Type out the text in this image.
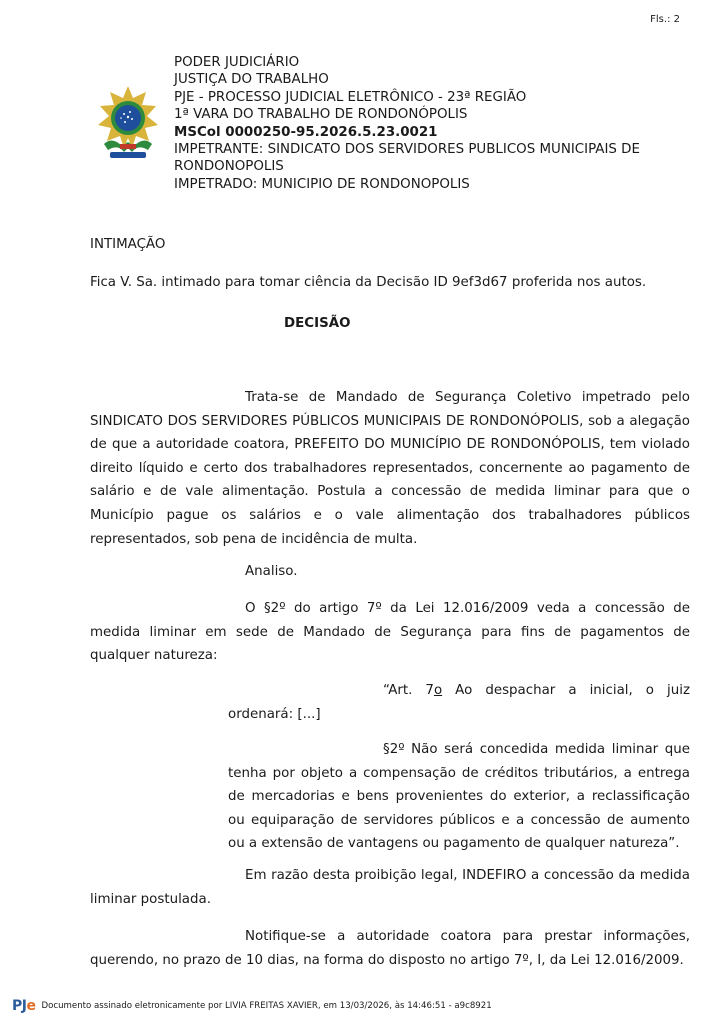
Fls.: 2
PODER JUDICIÁRIO
JUSTIÇA DO TRABALHO
PJE - PROCESSO JUDICIAL ELETRÔNICO - 23ª REGIÃO
1ª VARA DO TRABALHO DE RONDONÓPOLIS
MSCol 0000250-95.2026.5.23.0021
IMPETRANTE: SINDICATO DOS SERVIDORES PUBLICOS MUNICIPAIS DE RONDONOPOLIS
IMPETRADO: MUNICIPIO DE RONDONOPOLIS
INTIMAÇÃO
Fica V. Sa. intimado para tomar ciência da Decisão ID 9ef3d67 proferida nos autos.
DECISÃO
Trata-se de Mandado de Segurança Coletivo impetrado pelo SINDICATO DOS SERVIDORES PÚBLICOS MUNICIPAIS DE RONDONÓPOLIS, sob a alegação de que a autoridade coatora, PREFEITO DO MUNICÍPIO DE RONDONÓPOLIS, tem violado direito líquido e certo dos trabalhadores representados, concernente ao pagamento de salário e de vale alimentação. Postula a concessão de medida liminar para que o Município pague os salários e o vale alimentação dos trabalhadores públicos representados, sob pena de incidência de multa.
Analiso.
O §2º do artigo 7º da Lei 12.016/2009 veda a concessão de medida liminar em sede de Mandado de Segurança para fins de pagamentos de qualquer natureza:
“Art. 7o Ao despachar a inicial, o juiz ordenará: [...]
§2º Não será concedida medida liminar que tenha por objeto a compensação de créditos tributários, a entrega de mercadorias e bens provenientes do exterior, a reclassificação ou equiparação de servidores públicos e a concessão de aumento ou a extensão de vantagens ou pagamento de qualquer natureza”.
Em razão desta proibição legal, INDEFIRO a concessão da medida liminar postulada.
Notifique-se a autoridade coatora para prestar informações, querendo, no prazo de 10 dias, na forma do disposto no artigo 7º, I, da Lei 12.016/2009.
PJe Documento assinado eletronicamente por LIVIA FREITAS XAVIER, em 13/03/2026, às 14:46:51 - a9c8921
